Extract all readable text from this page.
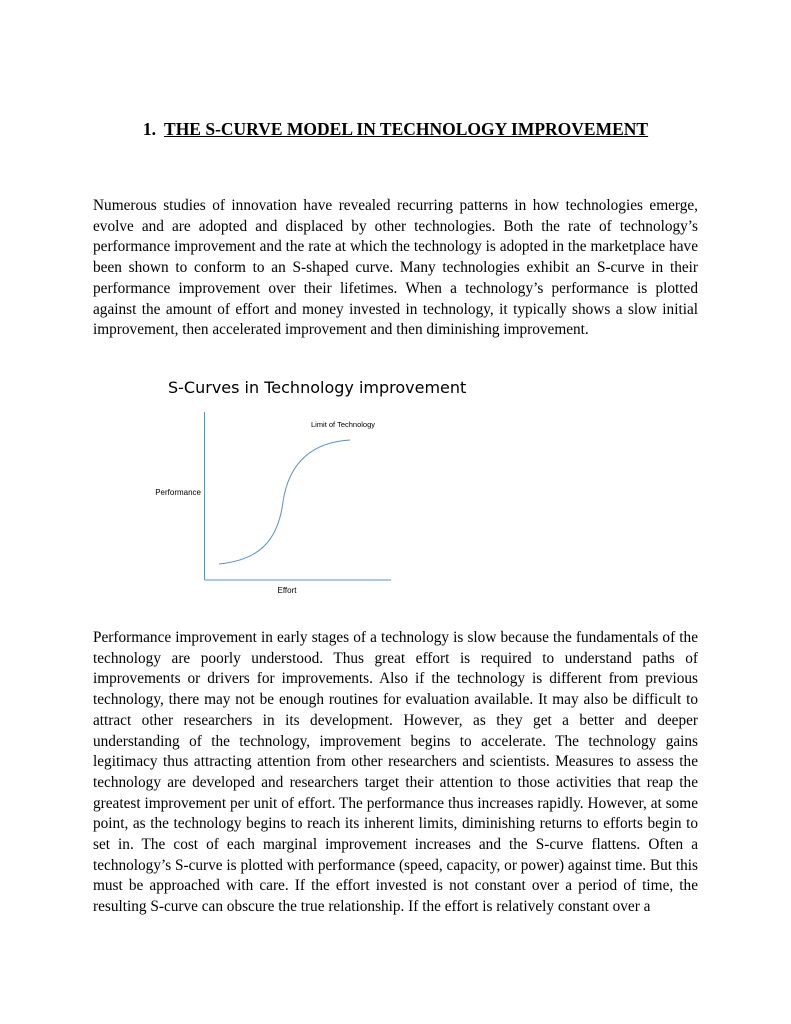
1. THE S-CURVE MODEL IN TECHNOLOGY IMPROVEMENT

Numerous studies of innovation have revealed recurring patterns in how technologies emerge, evolve and are adopted and displaced by other technologies. Both the rate of technology’s performance improvement and the rate at which the technology is adopted in the marketplace have been shown to conform to an S-shaped curve. Many technologies exhibit an S-curve in their performance improvement over their lifetimes. When a technology’s performance is plotted against the amount of effort and money invested in technology, it typically shows a slow initial improvement, then accelerated improvement and then diminishing improvement.

S-Curves in Technology improvement

Limit of Technology
Performance
Effort

Performance improvement in early stages of a technology is slow because the fundamentals of the technology are poorly understood. Thus great effort is required to understand paths of improvements or drivers for improvements. Also if the technology is different from previous technology, there may not be enough routines for evaluation available. It may also be difficult to attract other researchers in its development. However, as they get a better and deeper understanding of the technology, improvement begins to accelerate. The technology gains legitimacy thus attracting attention from other researchers and scientists. Measures to assess the technology are developed and researchers target their attention to those activities that reap the greatest improvement per unit of effort. The performance thus increases rapidly. However, at some point, as the technology begins to reach its inherent limits, diminishing returns to efforts begin to set in. The cost of each marginal improvement increases and the S-curve flattens. Often a technology’s S-curve is plotted with performance (speed, capacity, or power) against time. But this must be approached with care. If the effort invested is not constant over a period of time, the resulting S-curve can obscure the true relationship. If the effort is relatively constant over a
